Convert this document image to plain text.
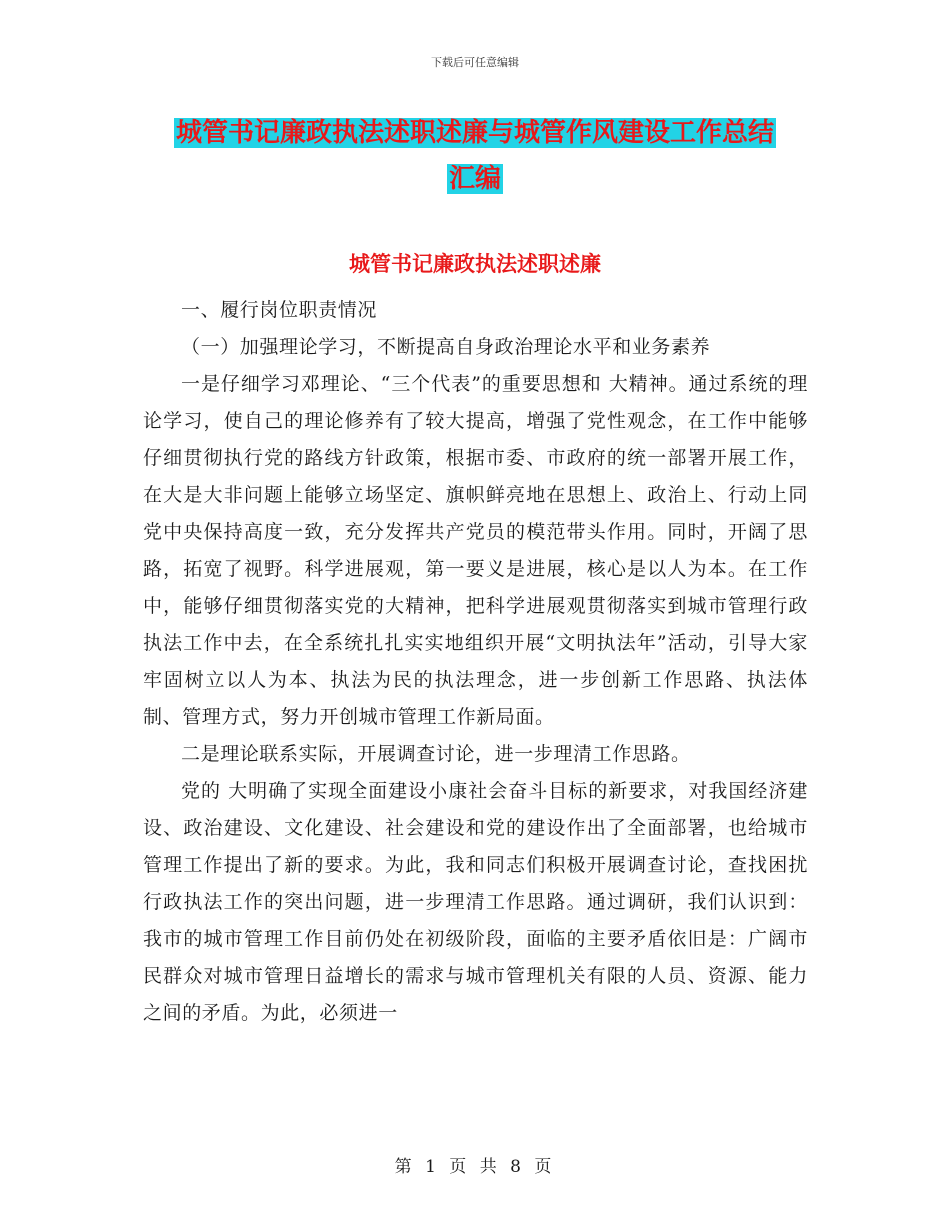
下载后可任意编辑
城管书记廉政执法述职述廉与城管作风建设工作总结
汇编
城管书记廉政执法述职述廉

一、履行岗位职责情况

（一）加强理论学习，不断提高自身政治理论水平和业务素养

一是仔细学习邓理论、“三个代表”的重要思想和 大精神。通过系统的理论学习，使自己的理论修养有了较大提高，增强了党性观念，在工作中能够仔细贯彻执行党的路线方针政策，根据市委、市政府的统一部署开展工作，在大是大非问题上能够立场坚定、旗帜鲜亮地在思想上、政治上、行动上同党中央保持高度一致，充分发挥共产党员的模范带头作用。同时，开阔了思路，拓宽了视野。科学进展观，第一要义是进展，核心是以人为本。在工作中，能够仔细贯彻落实党的大精神，把科学进展观贯彻落实到城市管理行政执法工作中去，在全系统扎扎实实地组织开展“文明执法年”活动，引导大家牢固树立以人为本、执法为民的执法理念，进一步创新工作思路、执法体制、管理方式，努力开创城市管理工作新局面。

二是理论联系实际，开展调查讨论，进一步理清工作思路。

党的 大明确了实现全面建设小康社会奋斗目标的新要求，对我国经济建设、政治建设、文化建设、社会建设和党的建设作出了全面部署，也给城市管理工作提出了新的要求。为此，我和同志们积极开展调查讨论，查找困扰行政执法工作的突出问题，进一步理清工作思路。通过调研，我们认识到：我市的城市管理工作目前仍处在初级阶段，面临的主要矛盾依旧是：广阔市民群众对城市管理日益增长的需求与城市管理机关有限的人员、资源、能力之间的矛盾。为此，必须进一

第 1 页 共 8 页
